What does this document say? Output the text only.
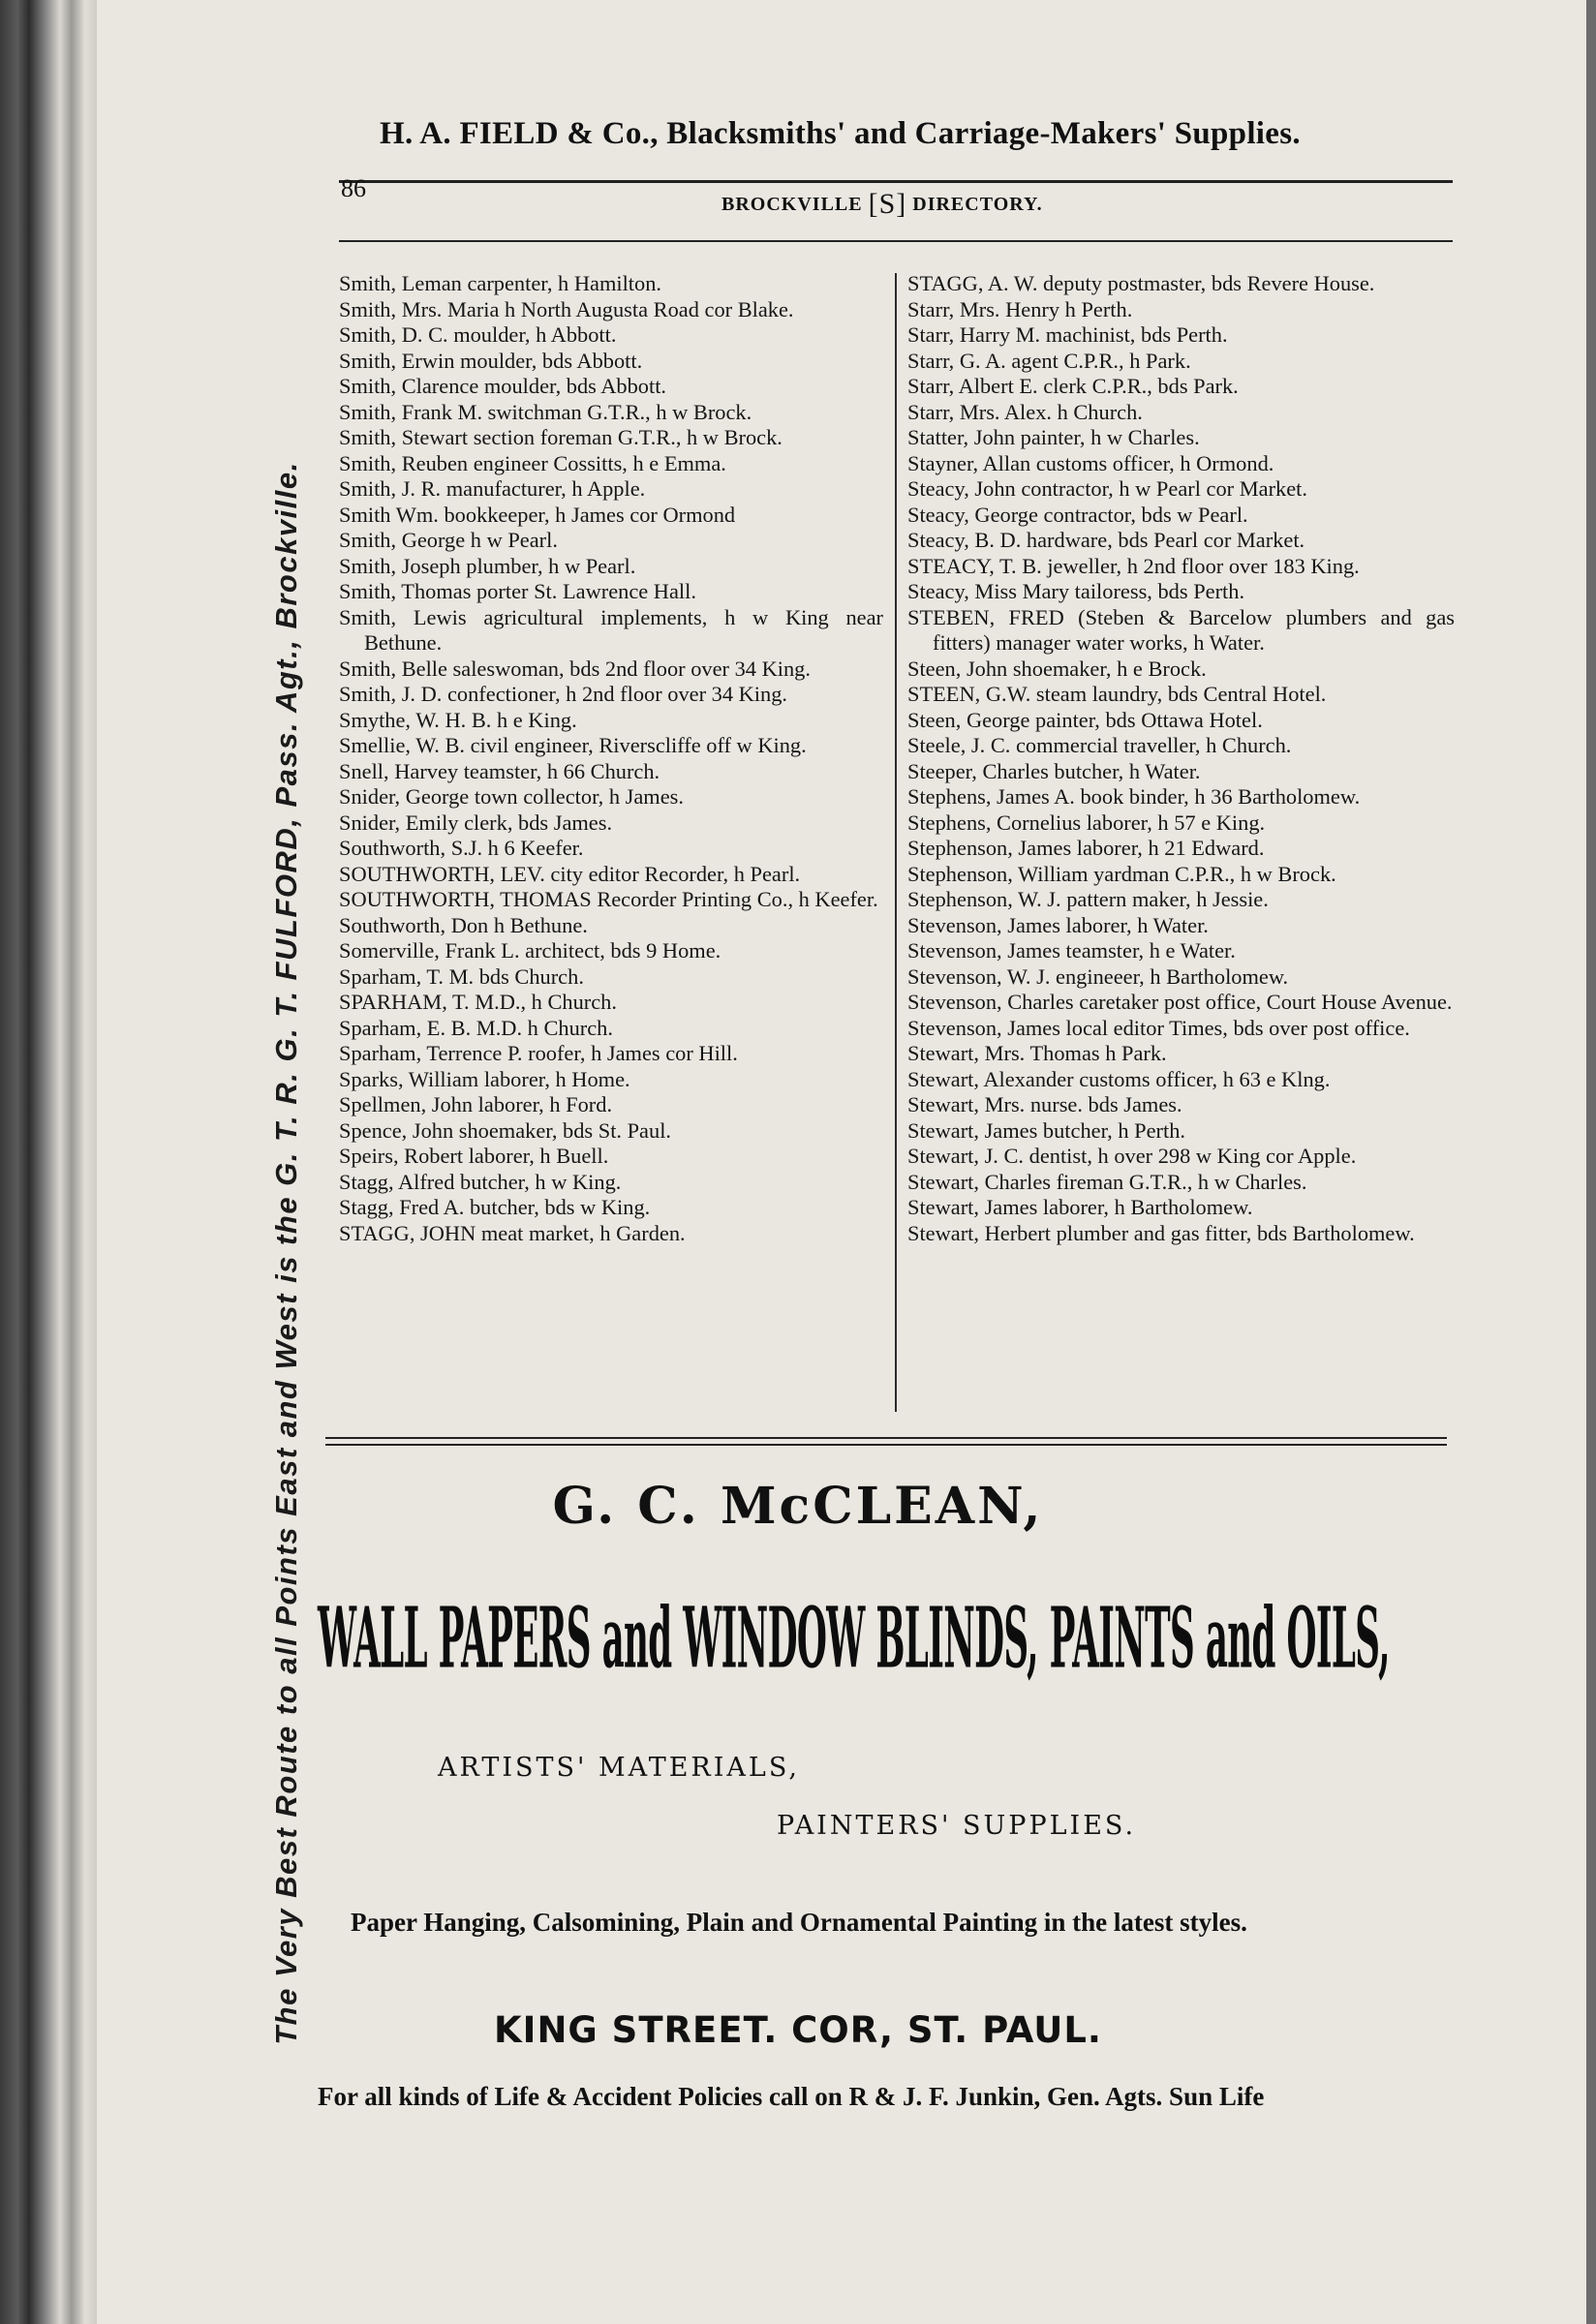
The Very Best Route to all Points East and West is the G. T. R. G. T. FULFORD, Pass. Agt., Brockville.
H. A. FIELD & Co., Blacksmiths' and Carriage-Makers' Supplies.
86
BROCKVILLE [S] DIRECTORY.
Smith, Leman carpenter, h Hamilton.
Smith, Mrs. Maria h North Augusta Road cor Blake.
Smith, D. C. moulder, h Abbott.
Smith, Erwin moulder, bds Abbott.
Smith, Clarence moulder, bds Abbott.
Smith, Frank M. switchman G.T.R., h w Brock.
Smith, Stewart section foreman G.T.R., h w Brock.
Smith, Reuben engineer Cossitts, h e Emma.
Smith, J. R. manufacturer, h Apple.
Smith Wm. bookkeeper, h James cor Ormond
Smith, George h w Pearl.
Smith, Joseph plumber, h w Pearl.
Smith, Thomas porter St. Lawrence Hall.
Smith, Lewis agricultural implements, h w King near Bethune.
Smith, Belle saleswoman, bds 2nd floor over 34 King.
Smith, J. D. confectioner, h 2nd floor over 34 King.
Smythe, W. H. B. h e King.
Smellie, W. B. civil engineer, Riverscliffe off w King.
Snell, Harvey teamster, h 66 Church.
Snider, George town collector, h James.
Snider, Emily clerk, bds James.
Southworth, S.J. h 6 Keefer.
SOUTHWORTH, LEV. city editor Recorder, h Pearl.
SOUTHWORTH, THOMAS Recorder Printing Co., h Keefer.
Southworth, Don h Bethune.
Somerville, Frank L. architect, bds 9 Home.
Sparham, T. M. bds Church.
SPARHAM, T. M.D., h Church.
Sparham, E. B. M.D. h Church.
Sparham, Terrence P. roofer, h James cor Hill.
Sparks, William laborer, h Home.
Spellmen, John laborer, h Ford.
Spence, John shoemaker, bds St. Paul.
Speirs, Robert laborer, h Buell.
Stagg, Alfred butcher, h w King.
Stagg, Fred A. butcher, bds w King.
STAGG, JOHN meat market, h Garden.
STAGG, A. W. deputy postmaster, bds Revere House.
Starr, Mrs. Henry h Perth.
Starr, Harry M. machinist, bds Perth.
Starr, G. A. agent C.P.R., h Park.
Starr, Albert E. clerk C.P.R., bds Park.
Starr, Mrs. Alex. h Church.
Statter, John painter, h w Charles.
Stayner, Allan customs officer, h Ormond.
Steacy, John contractor, h w Pearl cor Market.
Steacy, George contractor, bds w Pearl.
Steacy, B. D. hardware, bds Pearl cor Market.
STEACY, T. B. jeweller, h 2nd floor over 183 King.
Steacy, Miss Mary tailoress, bds Perth.
STEBEN, FRED (Steben & Barcelow plumbers and gas fitters) manager water works, h Water.
Steen, John shoemaker, h e Brock.
STEEN, G.W. steam laundry, bds Central Hotel.
Steen, George painter, bds Ottawa Hotel.
Steele, J. C. commercial traveller, h Church.
Steeper, Charles butcher, h Water.
Stephens, James A. book binder, h 36 Bartholomew.
Stephens, Cornelius laborer, h 57 e King.
Stephenson, James laborer, h 21 Edward.
Stephenson, William yardman C.P.R., h w Brock.
Stephenson, W. J. pattern maker, h Jessie.
Stevenson, James laborer, h Water.
Stevenson, James teamster, h e Water.
Stevenson, W. J. engineeer, h Bartholomew.
Stevenson, Charles caretaker post office, Court House Avenue.
Stevenson, James local editor Times, bds over post office.
Stewart, Mrs. Thomas h Park.
Stewart, Alexander customs officer, h 63 e Klng.
Stewart, Mrs. nurse. bds James.
Stewart, James butcher, h Perth.
Stewart, J. C. dentist, h over 298 w King cor Apple.
Stewart, Charles fireman G.T.R., h w Charles.
Stewart, James laborer, h Bartholomew.
Stewart, Herbert plumber and gas fitter, bds Bartholomew.
G. C. McCLEAN,
WALL PAPERS and WINDOW BLINDS, PAINTS and OILS,
ARTISTS' MATERIALS,
PAINTERS' SUPPLIES.
Paper Hanging, Calsomining, Plain and Ornamental Painting in the latest styles.
KING STREET. COR, ST. PAUL.
For all kinds of Life & Accident Policies call on R & J. F. Junkin, Gen. Agts. Sun Life
